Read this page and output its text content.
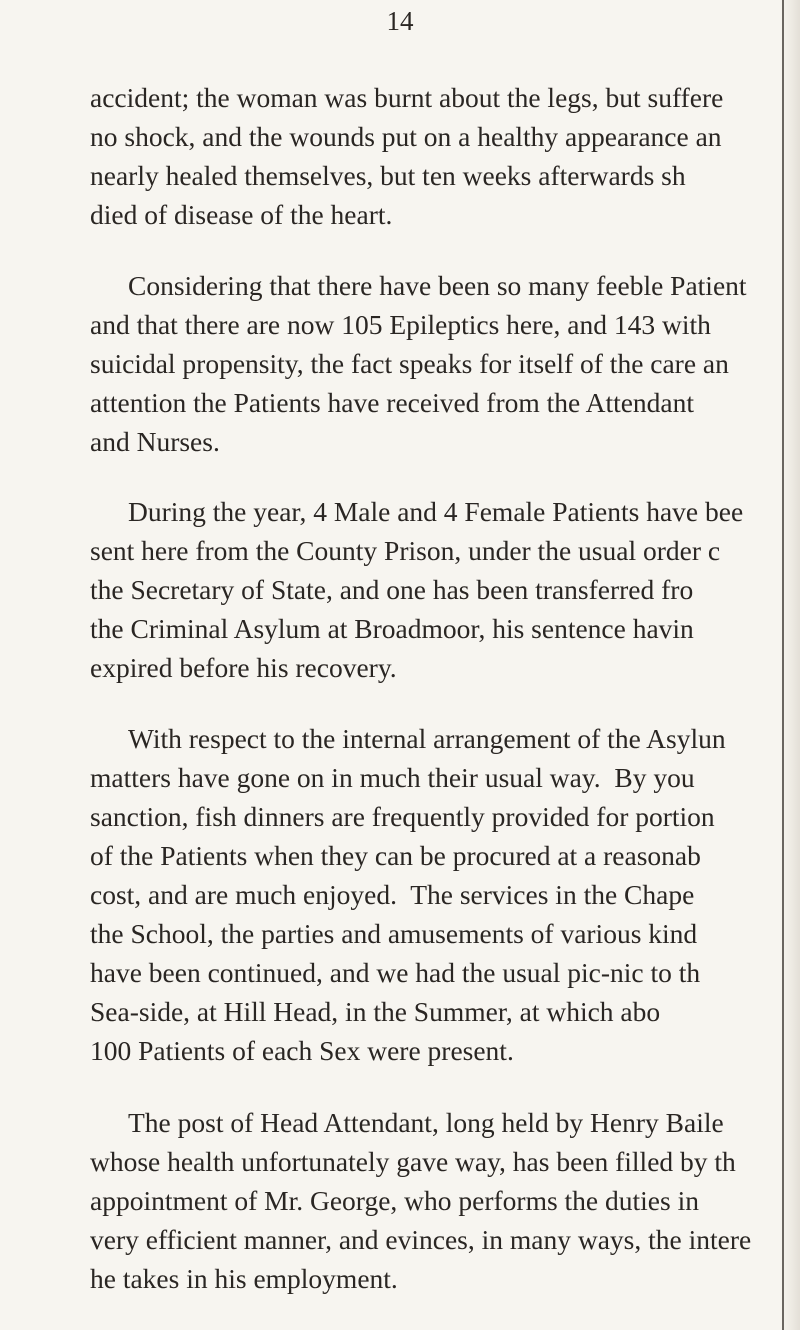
14
accident; the woman was burnt about the legs, but suffere
no shock, and the wounds put on a healthy appearance an
nearly healed themselves, but ten weeks afterwards sh
died of disease of the heart.
Considering that there have been so many feeble Patient
and that there are now 105 Epileptics here, and 143 with
suicidal propensity, the fact speaks for itself of the care an
attention the Patients have received from the Attendant
and Nurses.
During the year, 4 Male and 4 Female Patients have bee
sent here from the County Prison, under the usual order c
the Secretary of State, and one has been transferred fro
the Criminal Asylum at Broadmoor, his sentence havin
expired before his recovery.
With respect to the internal arrangement of the Asylun
matters have gone on in much their usual way.  By you
sanction, fish dinners are frequently provided for portion
of the Patients when they can be procured at a reasonab
cost, and are much enjoyed.  The services in the Chape
the School, the parties and amusements of various kind
have been continued, and we had the usual pic-nic to th
Sea-side, at Hill Head, in the Summer, at which abo
100 Patients of each Sex were present.
The post of Head Attendant, long held by Henry Baile
whose health unfortunately gave way, has been filled by th
appointment of Mr. George, who performs the duties in
very efficient manner, and evinces, in many ways, the intere
he takes in his employment.
